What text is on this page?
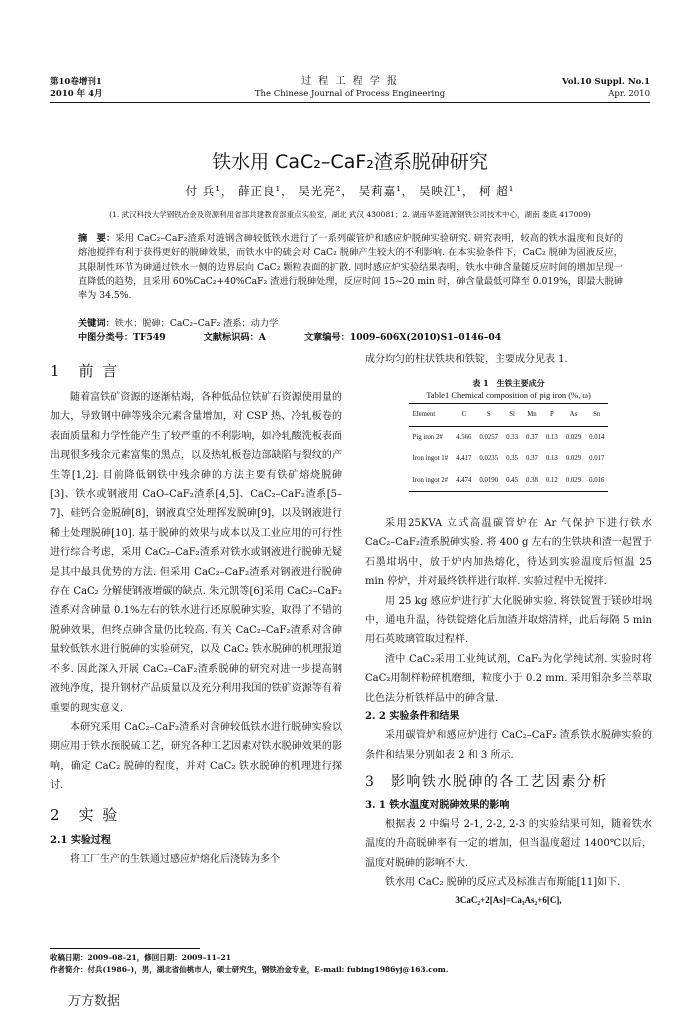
第10卷增刊1
2010 年 4月
过 程 工 程 学 报
The Chinese Journal of Process Engineering
Vol.10 Suppl. No.1
Apr. 2010
铁水用 CaC₂–CaF₂渣系脱砷研究
付 兵¹， 薛正良¹， 吴光亮²， 吴莉嘉¹， 吴映江¹， 柯 超¹
(1. 武汉科技大学钢铁冶金及资源利用省部共建教育部重点实验室，湖北 武汉 430081；2. 湖南华菱涟源钢铁公司技术中心，湖南 娄底 417009)
摘　要：采用 CaC₂–CaF₂渣系对涟钢含砷较低铁水进行了一系列碳管炉和感应炉脱砷实验研究. 研究表明，较高的铁水温度和良好的熔池搅拌有利于获得更好的脱砷效果，而铁水中的硫会对 CaC₂ 脱砷产生较大的不利影响. 在本实验条件下，CaC₂ 脱砷为固液反应，其限制性环节为砷通过铁水一侧的边界层向 CaC₂ 颗粒表面的扩散. 同时感应炉实验结果表明，铁水中砷含量随反应时间的增加呈现一直降低的趋势，且采用 60%CaC₂+40%CaF₂ 渣进行脱砷处理，反应时间 15~20 min 时，砷含量最低可降至 0.019%，即最大脱砷率为 34.5%.
关键词：铁水；脱砷；CaC₂–CaF₂ 渣系；动力学
中图分类号：TF549	文献标识码：A	文章编号：1009–606X(2010)S1–0146–04
1　前 言

随着富铁矿资源的逐渐枯竭，各种低品位铁矿石资源使用量的加大，导致钢中砷等残余元素含量增加，对 CSP 热、冷轧板卷的表面质量和力学性能产生了较严重的不利影响，如冷轧酸洗板表面出现很多残余元素富集的黑点，以及热轧板卷边部缺陷与裂纹的产生等[1,2]. 目前降低钢铁中残余砷的方法主要有铁矿熔烧脱砷[3]、铁水或钢液用 CaO–CaF₂渣系[4,5]、CaC₂–CaF₂渣系[5–7]、硅钙合金脱砷[8]，钢液真空处理挥发脱砷[9]，以及钢液进行稀土处理脱砷[10]. 基于脱砷的效果与成本以及工业应用的可行性进行综合考虑，采用 CaC₂–CaF₂渣系对铁水或钢液进行脱砷无疑是其中最具优势的方法. 但采用 CaC₂–CaF₂渣系对钢液进行脱砷存在 CaC₂ 分解使钢液增碳的缺点. 朱元凯等[6]采用 CaC₂–CaF₂渣系对含砷量 0.1%左右的铁水进行还原脱砷实验，取得了不错的脱砷效果，但终点砷含量仍比较高. 有关 CaC₂–CaF₂渣系对含砷量较低铁水进行脱砷的实验研究，以及 CaC₂ 铁水脱砷的机理报道不多. 因此深入开展 CaC₂–CaF₂渣系脱砷的研究对进一步提高钢液纯净度，提升钢材产品质量以及充分利用我国的铁矿资源等有着重要的现实意义.

本研究采用 CaC₂–CaF₂渣系对含砷较低铁水进行脱砷实验以期应用于铁水预脱硫工艺，研究各种工艺因素对铁水脱砷效果的影响，确定 CaC₂ 脱砷的程度，并对 CaC₂ 铁水脱砷的机理进行探讨.

2　实 验
2.1 实验过程

将工厂生产的生铁通过感应炉熔化后浇铸为多个

成分均匀的柱状铁块和铁锭，主要成分见表 1.

表 1　生铁主要成分
Table1 Chemical composition of pig iron (%, ω)
Element	C	S	Si	Mn	P	As	Sn
Pig iron 2#	4.566	0.0257	0.33	0.37	0.13	0.029	0.014
Iron ingot 1#	4.417	0.0235	0.35	0.37	0.13	0.029	0.017
Iron ingot 2#	4.474	0.0190	0.45	0.38	0.12	0.029	0.016

采用25KVA 立式高温碳管炉在 Ar 气保护下进行铁水 CaC₂–CaF₂渣系脱砷实验. 将 400 g 左右的生铁块和渣一起置于石墨坩埚中，放于炉内加热熔化，待达到实验温度后恒温 25 min 停炉，并对最终铁样进行取样. 实验过程中无搅拌.

用 25 kg 感应炉进行扩大化脱砷实验. 将铁锭置于镁砂坩埚中，通电升温，待铁锭熔化后加渣并取熔清样，此后每隔 5 min 用石英玻璃管取过程样.

渣中 CaC₂采用工业纯试剂，CaF₂为化学纯试剂. 实验时将 CaC₂用制样粉碎机磨细，粒度小于 0.2 mm. 采用钼杂多兰萃取比色法分析铁样品中的砷含量.

2. 2 实验条件和结果

采用碳管炉和感应炉进行 CaC₂–CaF₂ 渣系铁水脱砷实验的条件和结果分别如表 2 和 3 所示.

3　影响铁水脱砷的各工艺因素分析
3. 1 铁水温度对脱砷效果的影响

根据表 2 中编号 2-1, 2-2, 2-3 的实验结果可知，随着铁水温度的升高脱砷率有一定的增加，但当温度超过 1400℃以后，温度对脱砷的影响不大.

铁水用 CaC₂ 脱砷的反应式及标准吉布斯能[11]如下.

3CaC₂+2[As]=Ca₃As₂+6[C],
收稿日期：2009–08–21，修回日期：2009–11–21
作者简介：付兵(1986–)，男，湖北省仙桃市人，硕士研究生，钢铁冶金专业，E-mail: fubing1986yj@163.com.
万方数据
